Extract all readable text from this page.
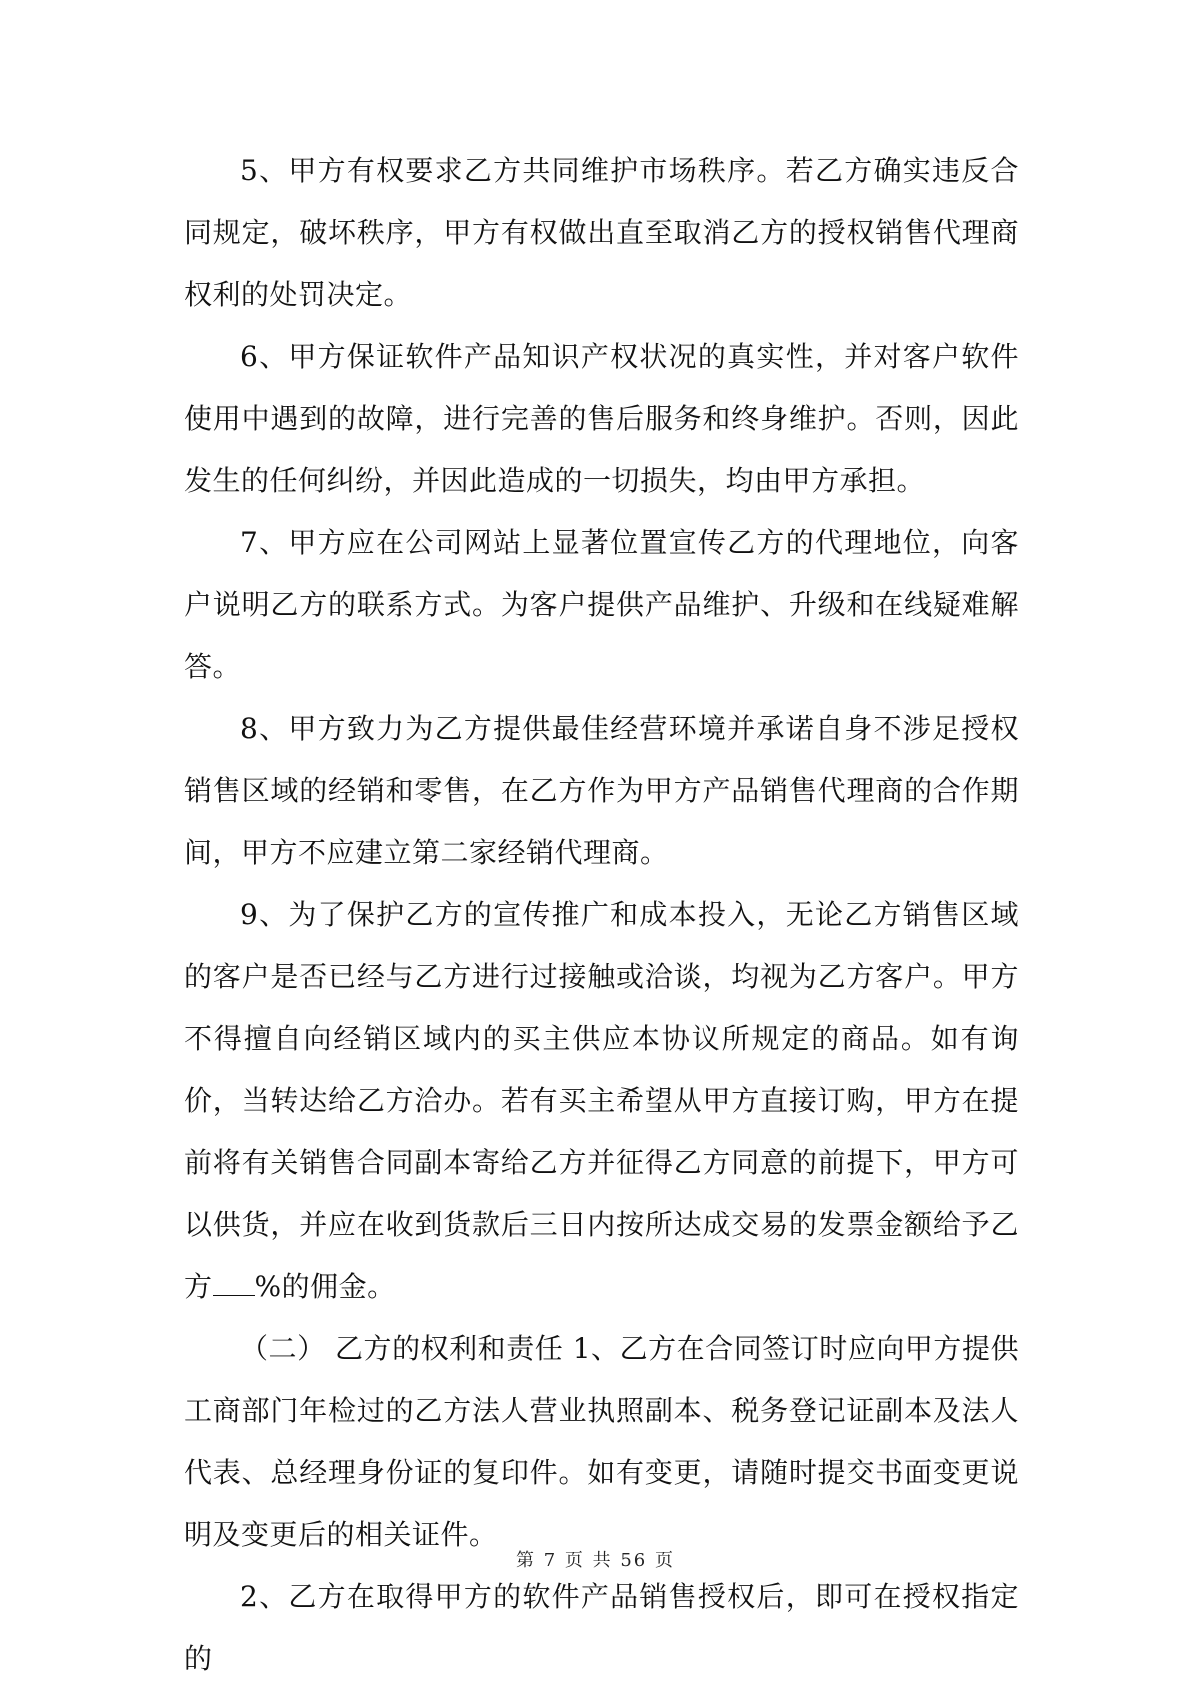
5、甲方有权要求乙方共同维护市场秩序。若乙方确实违反合同规定，破坏秩序，甲方有权做出直至取消乙方的授权销售代理商权利的处罚决定。

6、甲方保证软件产品知识产权状况的真实性，并对客户软件使用中遇到的故障，进行完善的售后服务和终身维护。否则，因此发生的任何纠纷，并因此造成的一切损失，均由甲方承担。

7、甲方应在公司网站上显著位置宣传乙方的代理地位，向客户说明乙方的联系方式。为客户提供产品维护、升级和在线疑难解答。

8、甲方致力为乙方提供最佳经营环境并承诺自身不涉足授权销售区域的经销和零售，在乙方作为甲方产品销售代理商的合作期间，甲方不应建立第二家经销代理商。

9、为了保护乙方的宣传推广和成本投入，无论乙方销售区域的客户是否已经与乙方进行过接触或洽谈，均视为乙方客户。甲方不得擅自向经销区域内的买主供应本协议所规定的商品。如有询价，当转达给乙方洽办。若有买主希望从甲方直接订购，甲方在提前将有关销售合同副本寄给乙方并征得乙方同意的前提下，甲方可以供货，并应在收到货款后三日内按所达成交易的发票金额给予乙方 %的佣金。

（二） 乙方的权利和责任 1、乙方在合同签订时应向甲方提供工商部门年检过的乙方法人营业执照副本、税务登记证副本及法人代表、总经理身份证的复印件。如有变更，请随时提交书面变更说明及变更后的相关证件。

2、乙方在取得甲方的软件产品销售授权后，即可在授权指定的

第 7 页 共 56 页
